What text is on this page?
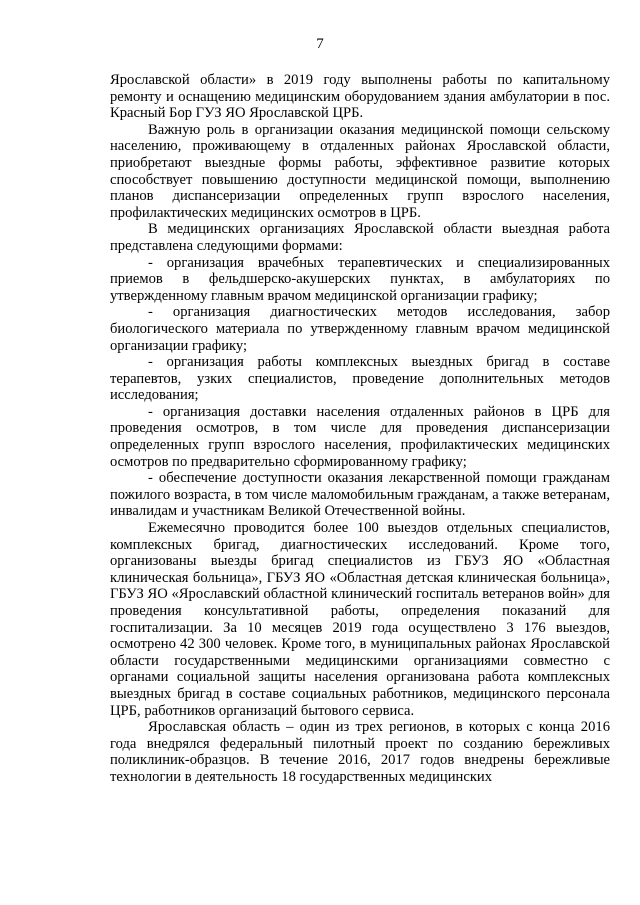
7

Ярославской области» в 2019 году выполнены работы по капитальному ремонту и оснащению медицинским оборудованием здания амбулатории в пос. Красный Бор ГУЗ ЯО Ярославской ЦРБ.

Важную роль в организации оказания медицинской помощи сельскому населению, проживающему в отдаленных районах Ярославской области, приобретают выездные формы работы, эффективное развитие которых способствует повышению доступности медицинской помощи, выполнению планов диспансеризации определенных групп взрослого населения, профилактических медицинских осмотров в ЦРБ.

В медицинских организациях Ярославской области выездная работа представлена следующими формами:

- организация врачебных терапевтических и специализированных приемов в фельдшерско-акушерских пунктах, в амбулаториях по утвержденному главным врачом медицинской организации графику;

- организация диагностических методов исследования, забор биологического материала по утвержденному главным врачом медицинской организации графику;

- организация работы комплексных выездных бригад в составе терапевтов, узких специалистов, проведение дополнительных методов исследования;

- организация доставки населения отдаленных районов в ЦРБ для проведения осмотров, в том числе для проведения диспансеризации определенных групп взрослого населения, профилактических медицинских осмотров по предварительно сформированному графику;

- обеспечение доступности оказания лекарственной помощи гражданам пожилого возраста, в том числе маломобильным гражданам, а также ветеранам, инвалидам и участникам Великой Отечественной войны.

Ежемесячно проводится более 100 выездов отдельных специалистов, комплексных бригад, диагностических исследований. Кроме того, организованы выезды бригад специалистов из ГБУЗ ЯО «Областная клиническая больница», ГБУЗ ЯО «Областная детская клиническая больница», ГБУЗ ЯО «Ярославский областной клинический госпиталь ветеранов войн» для проведения консультативной работы, определения показаний для госпитализации. За 10 месяцев 2019 года осуществлено 3 176 выездов, осмотрено 42 300 человек. Кроме того, в муниципальных районах Ярославской области государственными медицинскими организациями совместно с органами социальной защиты населения организована работа комплексных выездных бригад в составе социальных работников, медицинского персонала ЦРБ, работников организаций бытового сервиса.

Ярославская область – один из трех регионов, в которых с конца 2016 года внедрялся федеральный пилотный проект по созданию бережливых поликлиник-образцов. В течение 2016, 2017 годов внедрены бережливые технологии в деятельность 18 государственных медицинских
